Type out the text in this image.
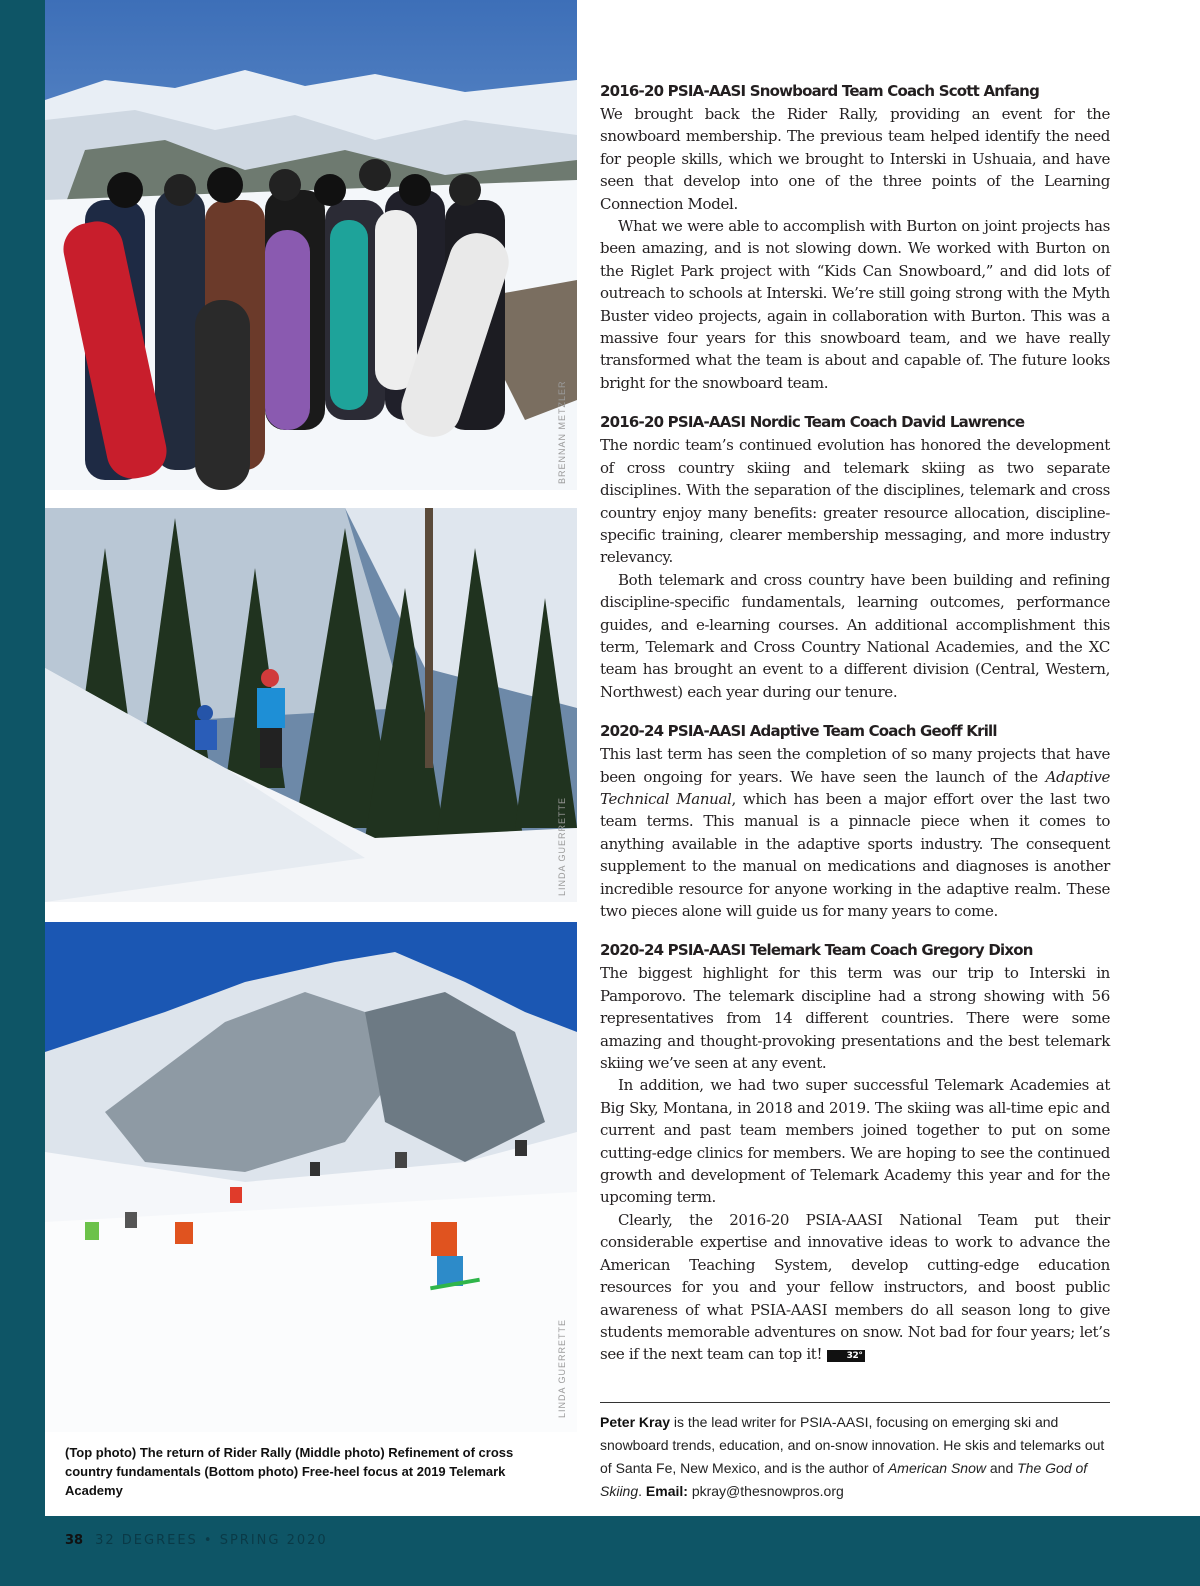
BRENNAN METZLER
LINDA GUERRETTE
LINDA GUERRETTE
(Top photo) The return of Rider Rally (Middle photo) Refinement of cross country fundamentals (Bottom photo) Free-heel focus at 2019 Telemark Academy
2016-20 PSIA-AASI Snowboard Team Coach Scott Anfang

We brought back the Rider Rally, providing an event for the snowboard membership. The previous team helped identify the need for people skills, which we brought to Interski in Ushuaia, and have seen that develop into one of the three points of the Learning Connection Model.

What we were able to accomplish with Burton on joint projects has been amazing, and is not slowing down. We worked with Burton on the Riglet Park project with “Kids Can Snowboard,” and did lots of outreach to schools at Interski. We’re still going strong with the Myth Buster video projects, again in collaboration with Burton. This was a massive four years for this snowboard team, and we have really transformed what the team is about and capable of. The future looks bright for the snowboard team.

2016-20 PSIA-AASI Nordic Team Coach David Lawrence

The nordic team’s continued evolution has honored the development of cross country skiing and telemark skiing as two separate disciplines. With the separation of the disciplines, telemark and cross country enjoy many benefits: greater resource allocation, discipline-specific training, clearer membership messaging, and more industry relevancy.

Both telemark and cross country have been building and refining discipline-specific fundamentals, learning outcomes, performance guides, and e-learning courses. An additional accomplishment this term, Telemark and Cross Country National Academies, and the XC team has brought an event to a different division (Central, Western, Northwest) each year during our tenure.

2020-24 PSIA-AASI Adaptive Team Coach Geoff Krill

This last term has seen the completion of so many projects that have been ongoing for years. We have seen the launch of the Adaptive Technical Manual, which has been a major effort over the last two team terms. This manual is a pinnacle piece when it comes to anything available in the adaptive sports industry. The consequent supplement to the manual on medications and diagnoses is another incredible resource for anyone working in the adaptive realm. These two pieces alone will guide us for many years to come.

2020-24 PSIA-AASI Telemark Team Coach Gregory Dixon

The biggest highlight for this term was our trip to Interski in Pamporovo. The telemark discipline had a strong showing with 56 representatives from 14 different countries. There were some amazing and thought-provoking presentations and the best telemark skiing we’ve seen at any event.

In addition, we had two super successful Telemark Academies at Big Sky, Montana, in 2018 and 2019. The skiing was all-time epic and current and past team members joined together to put on some cutting-edge clinics for members. We are hoping to see the continued growth and development of Telemark Academy this year and for the upcoming term.

Clearly, the 2016-20 PSIA-AASI National Team put their considerable expertise and innovative ideas to work to advance the American Teaching System, develop cutting-edge education resources for you and your fellow instructors, and boost public awareness of what PSIA-AASI members do all season long to give students memorable adventures on snow. Not bad for four years; let’s see if the next team can top it!	32°

Peter Kray is the lead writer for PSIA-AASI, focusing on emerging ski and snowboard trends, education, and on-snow innovation. He skis and telemarks out of Santa Fe, New Mexico, and is the author of American Snow and The God of Skiing. Email: pkray@thesnowpros.org
38 32 DEGREES • SPRING 2020
